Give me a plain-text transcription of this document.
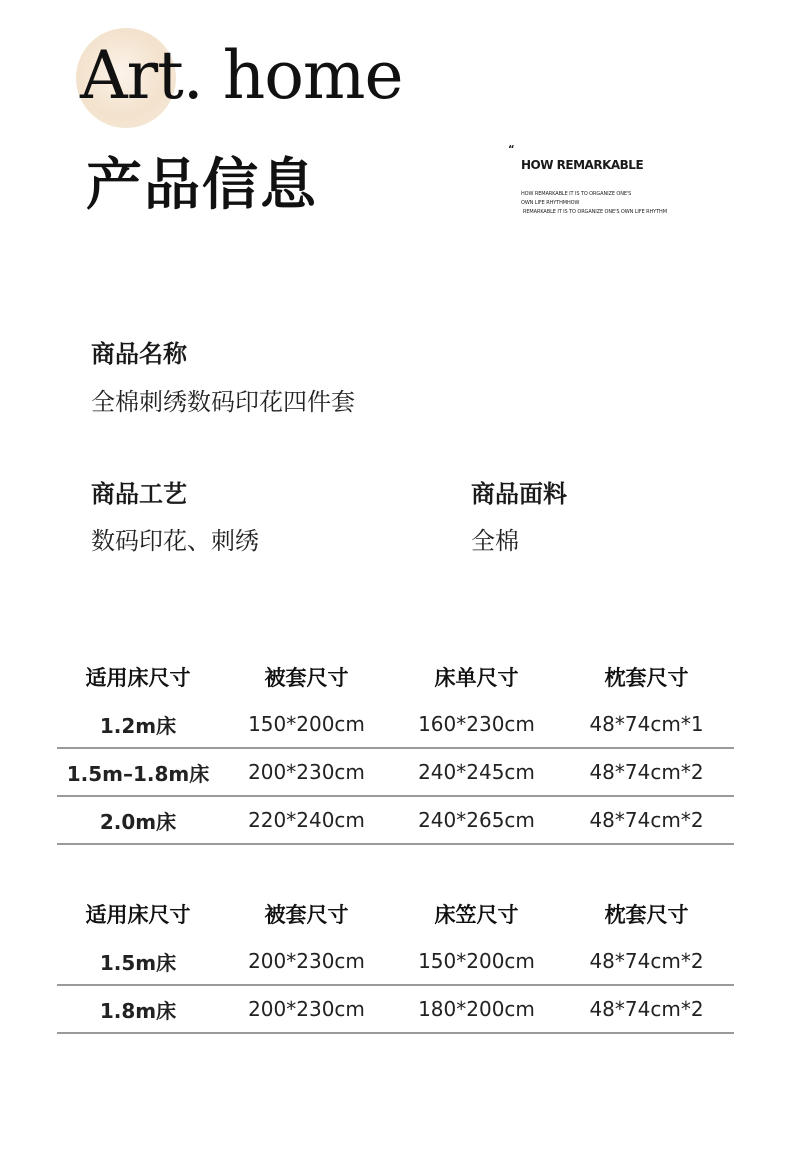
Art. home
产品信息
“
HOW REMARKABLE
HOW REMARKABLE IT IS TO ORGANIZE ONE'S
OWN LIFE RHYTHMHOW
REMARKABLE IT IS TO ORGANIZE ONE'S OWN LIFE RHYTHM
商品名称
全棉刺绣数码印花四件套
商品工艺
数码印花、刺绣
商品面料
全棉
适用床尺寸	被套尺寸	床单尺寸	枕套尺寸
1.2m床	150*200cm	160*230cm	48*74cm*1
1.5m–1.8m床	200*230cm	240*245cm	48*74cm*2
2.0m床	220*240cm	240*265cm	48*74cm*2
适用床尺寸	被套尺寸	床笠尺寸	枕套尺寸
1.5m床	200*230cm	150*200cm	48*74cm*2
1.8m床	200*230cm	180*200cm	48*74cm*2
